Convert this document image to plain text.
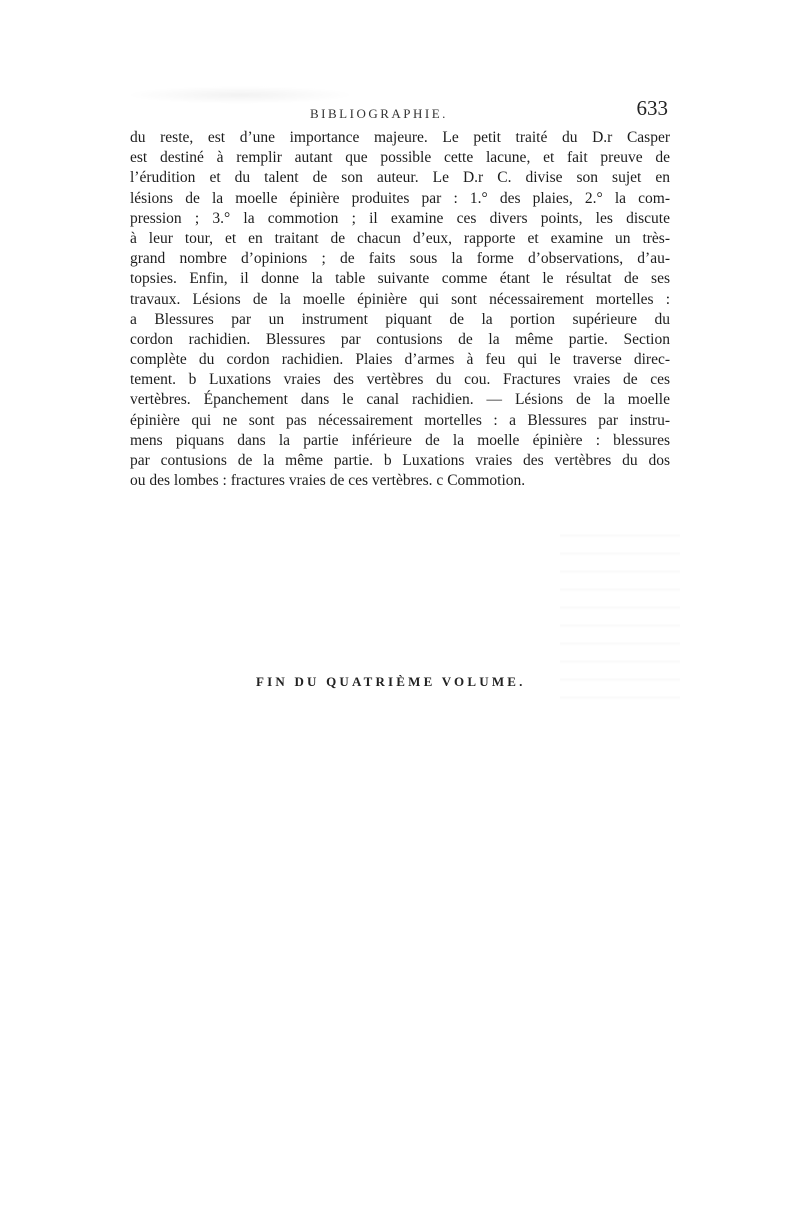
BIBLIOGRAPHIE.	633
du reste, est d’une importance majeure. Le petit traité du D.r Casper
est destiné à remplir autant que possible cette lacune, et fait preuve de
l’érudition et du talent de son auteur. Le D.r C. divise son sujet en
lésions de la moelle épinière produites par : 1.° des plaies, 2.° la com-
pression ; 3.° la commotion ; il examine ces divers points, les discute
à leur tour, et en traitant de chacun d’eux, rapporte et examine un très-
grand nombre d’opinions ; de faits sous la forme d’observations, d’au-
topsies. Enfin, il donne la table suivante comme étant le résultat de ses
travaux. Lésions de la moelle épinière qui sont nécessairement mortelles :
a Blessures par un instrument piquant de la portion supérieure du
cordon rachidien. Blessures par contusions de la même partie. Section
complète du cordon rachidien. Plaies d’armes à feu qui le traverse direc-
tement. b Luxations vraies des vertèbres du cou. Fractures vraies de ces
vertèbres. Épanchement dans le canal rachidien. — Lésions de la moelle
épinière qui ne sont pas nécessairement mortelles : a Blessures par instru-
mens piquans dans la partie inférieure de la moelle épinière : blessures
par contusions de la même partie. b Luxations vraies des vertèbres du dos
ou des lombes : fractures vraies de ces vertèbres. c Commotion.
FIN DU QUATRIÈME VOLUME.
